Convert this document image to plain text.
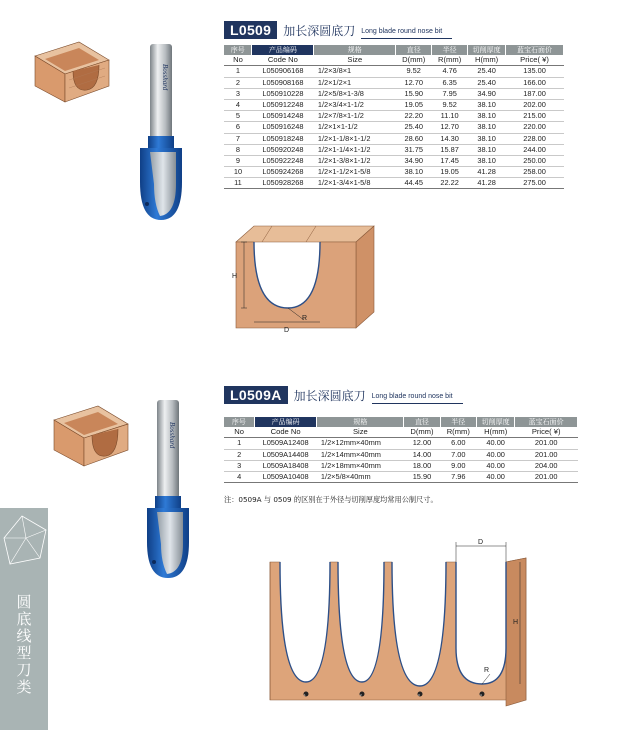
圆底线型刀类
Bosshard
L0509	加长深圆底刀 Long blade round nose bit
序号	产品编码	规格	直径	半径	切削厚度	蓝宝石面价
No	Code No	Size	D(mm)	R(mm)	H(mm)	Price( ¥)
1	L050906168	1/2×3/8×1	9.52	4.76	25.40	135.00
2	L050908168	1/2×1/2×1	12.70	6.35	25.40	166.00
3	L050910228	1/2×5/8×1-3/8	15.90	7.95	34.90	187.00
4	L050912248	1/2×3/4×1-1/2	19.05	9.52	38.10	202.00
5	L050914248	1/2×7/8×1-1/2	22.20	11.10	38.10	215.00
6	L050916248	1/2×1×1-1/2	25.40	12.70	38.10	220.00
7	L050918248	1/2×1-1/8×1-1/2	28.60	14.30	38.10	228.00
8	L050920248	1/2×1-1/4×1-1/2	31.75	15.87	38.10	244.00
9	L050922248	1/2×1-3/8×1-1/2	34.90	17.45	38.10	250.00
10	L050924268	1/2×1-1/2×1-5/8	38.10	19.05	41.28	258.00
11	L050928268	1/2×1-3/4×1-5/8	44.45	22.22	41.28	275.00
H
R
D
Bosshard
L0509A	加长深圆底刀 Long blade round nose bit
序号	产品编码	规格	直径	半径	切削厚度	蓝宝石面价
No	Code No	Size	D(mm)	R(mm)	H(mm)	Price( ¥)
1	L0509A12408	1/2×12mm×40mm	12.00	6.00	40.00	201.00
2	L0509A14408	1/2×14mm×40mm	14.00	7.00	40.00	201.00
3	L0509A18408	1/2×18mm×40mm	18.00	9.00	40.00	204.00
4	L0509A10408	1/2×5/8×40mm	15.90	7.96	40.00	201.00
注：0509A 与 0509 的区别在于外径与切削厚度均常用公制尺寸。
D
H
R
1	2	3	4
